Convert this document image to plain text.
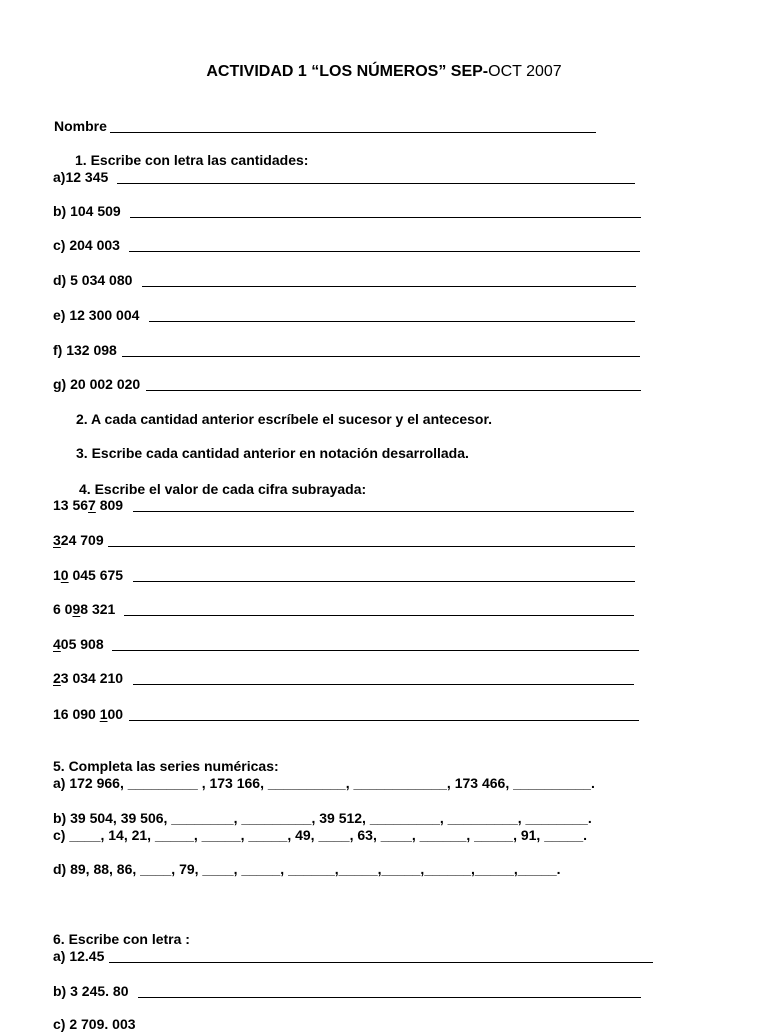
ACTIVIDAD 1 “LOS NÚMEROS” SEP-OCT 2007
Nombre
1. Escribe con letra las cantidades:
a)12 345
b) 104 509
c) 204 003
d) 5 034 080
e) 12 300 004
f) 132 098
g) 20 002 020
2. A cada cantidad anterior escríbele el sucesor y el antecesor.
3. Escribe cada cantidad anterior en notación desarrollada.
4. Escribe el valor de cada cifra subrayada:
13 567 809
324 709
10 045 675
6 098 321
405 908
23 034 210
16 090 100
5. Completa las series numéricas:
a) 172 966, _________ , 173 166, __________, ____________, 173 466, __________.
b) 39 504, 39 506, ________, _________, 39 512, _________, _________, ________.
c) ____, 14, 21, _____, _____, _____, 49, ____, 63, ____, ______, _____, 91, _____.
d) 89, 88, 86, ____, 79, ____, _____, ______,_____,_____,______,_____,_____.
6. Escribe con letra :
a) 12.45
b) 3 245. 80
c) 2 709. 003
